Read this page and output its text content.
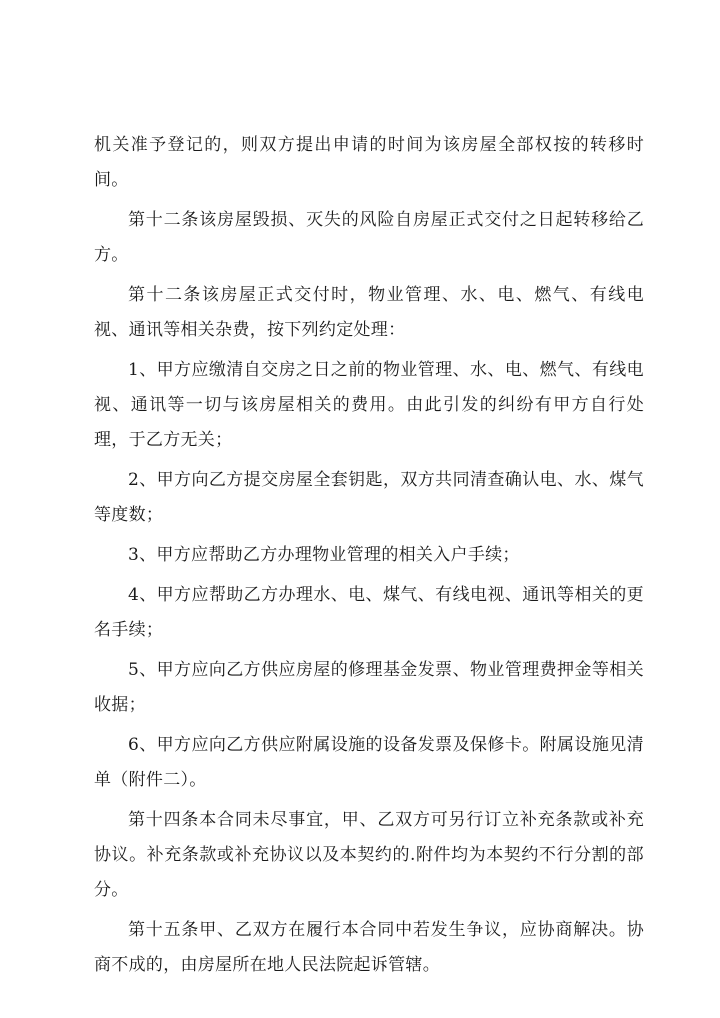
机关准予登记的，则双方提出申请的时间为该房屋全部权按的转移时间。

第十二条该房屋毁损、灭失的风险自房屋正式交付之日起转移给乙方。

第十二条该房屋正式交付时，物业管理、水、电、燃气、有线电视、通讯等相关杂费，按下列约定处理：

1、甲方应缴清自交房之日之前的物业管理、水、电、燃气、有线电视、通讯等一切与该房屋相关的费用。由此引发的纠纷有甲方自行处理，于乙方无关；

2、甲方向乙方提交房屋全套钥匙，双方共同清查确认电、水、煤气等度数；

3、甲方应帮助乙方办理物业管理的相关入户手续；

4、甲方应帮助乙方办理水、电、煤气、有线电视、通讯等相关的更名手续；

5、甲方应向乙方供应房屋的修理基金发票、物业管理费押金等相关收据；

6、甲方应向乙方供应附属设施的设备发票及保修卡。附属设施见清单（附件二）。

第十四条本合同未尽事宜，甲、乙双方可另行订立补充条款或补充协议。补充条款或补充协议以及本契约的.附件均为本契约不行分割的部分。

第十五条甲、乙双方在履行本合同中若发生争议，应协商解决。协商不成的，由房屋所在地人民法院起诉管辖。
